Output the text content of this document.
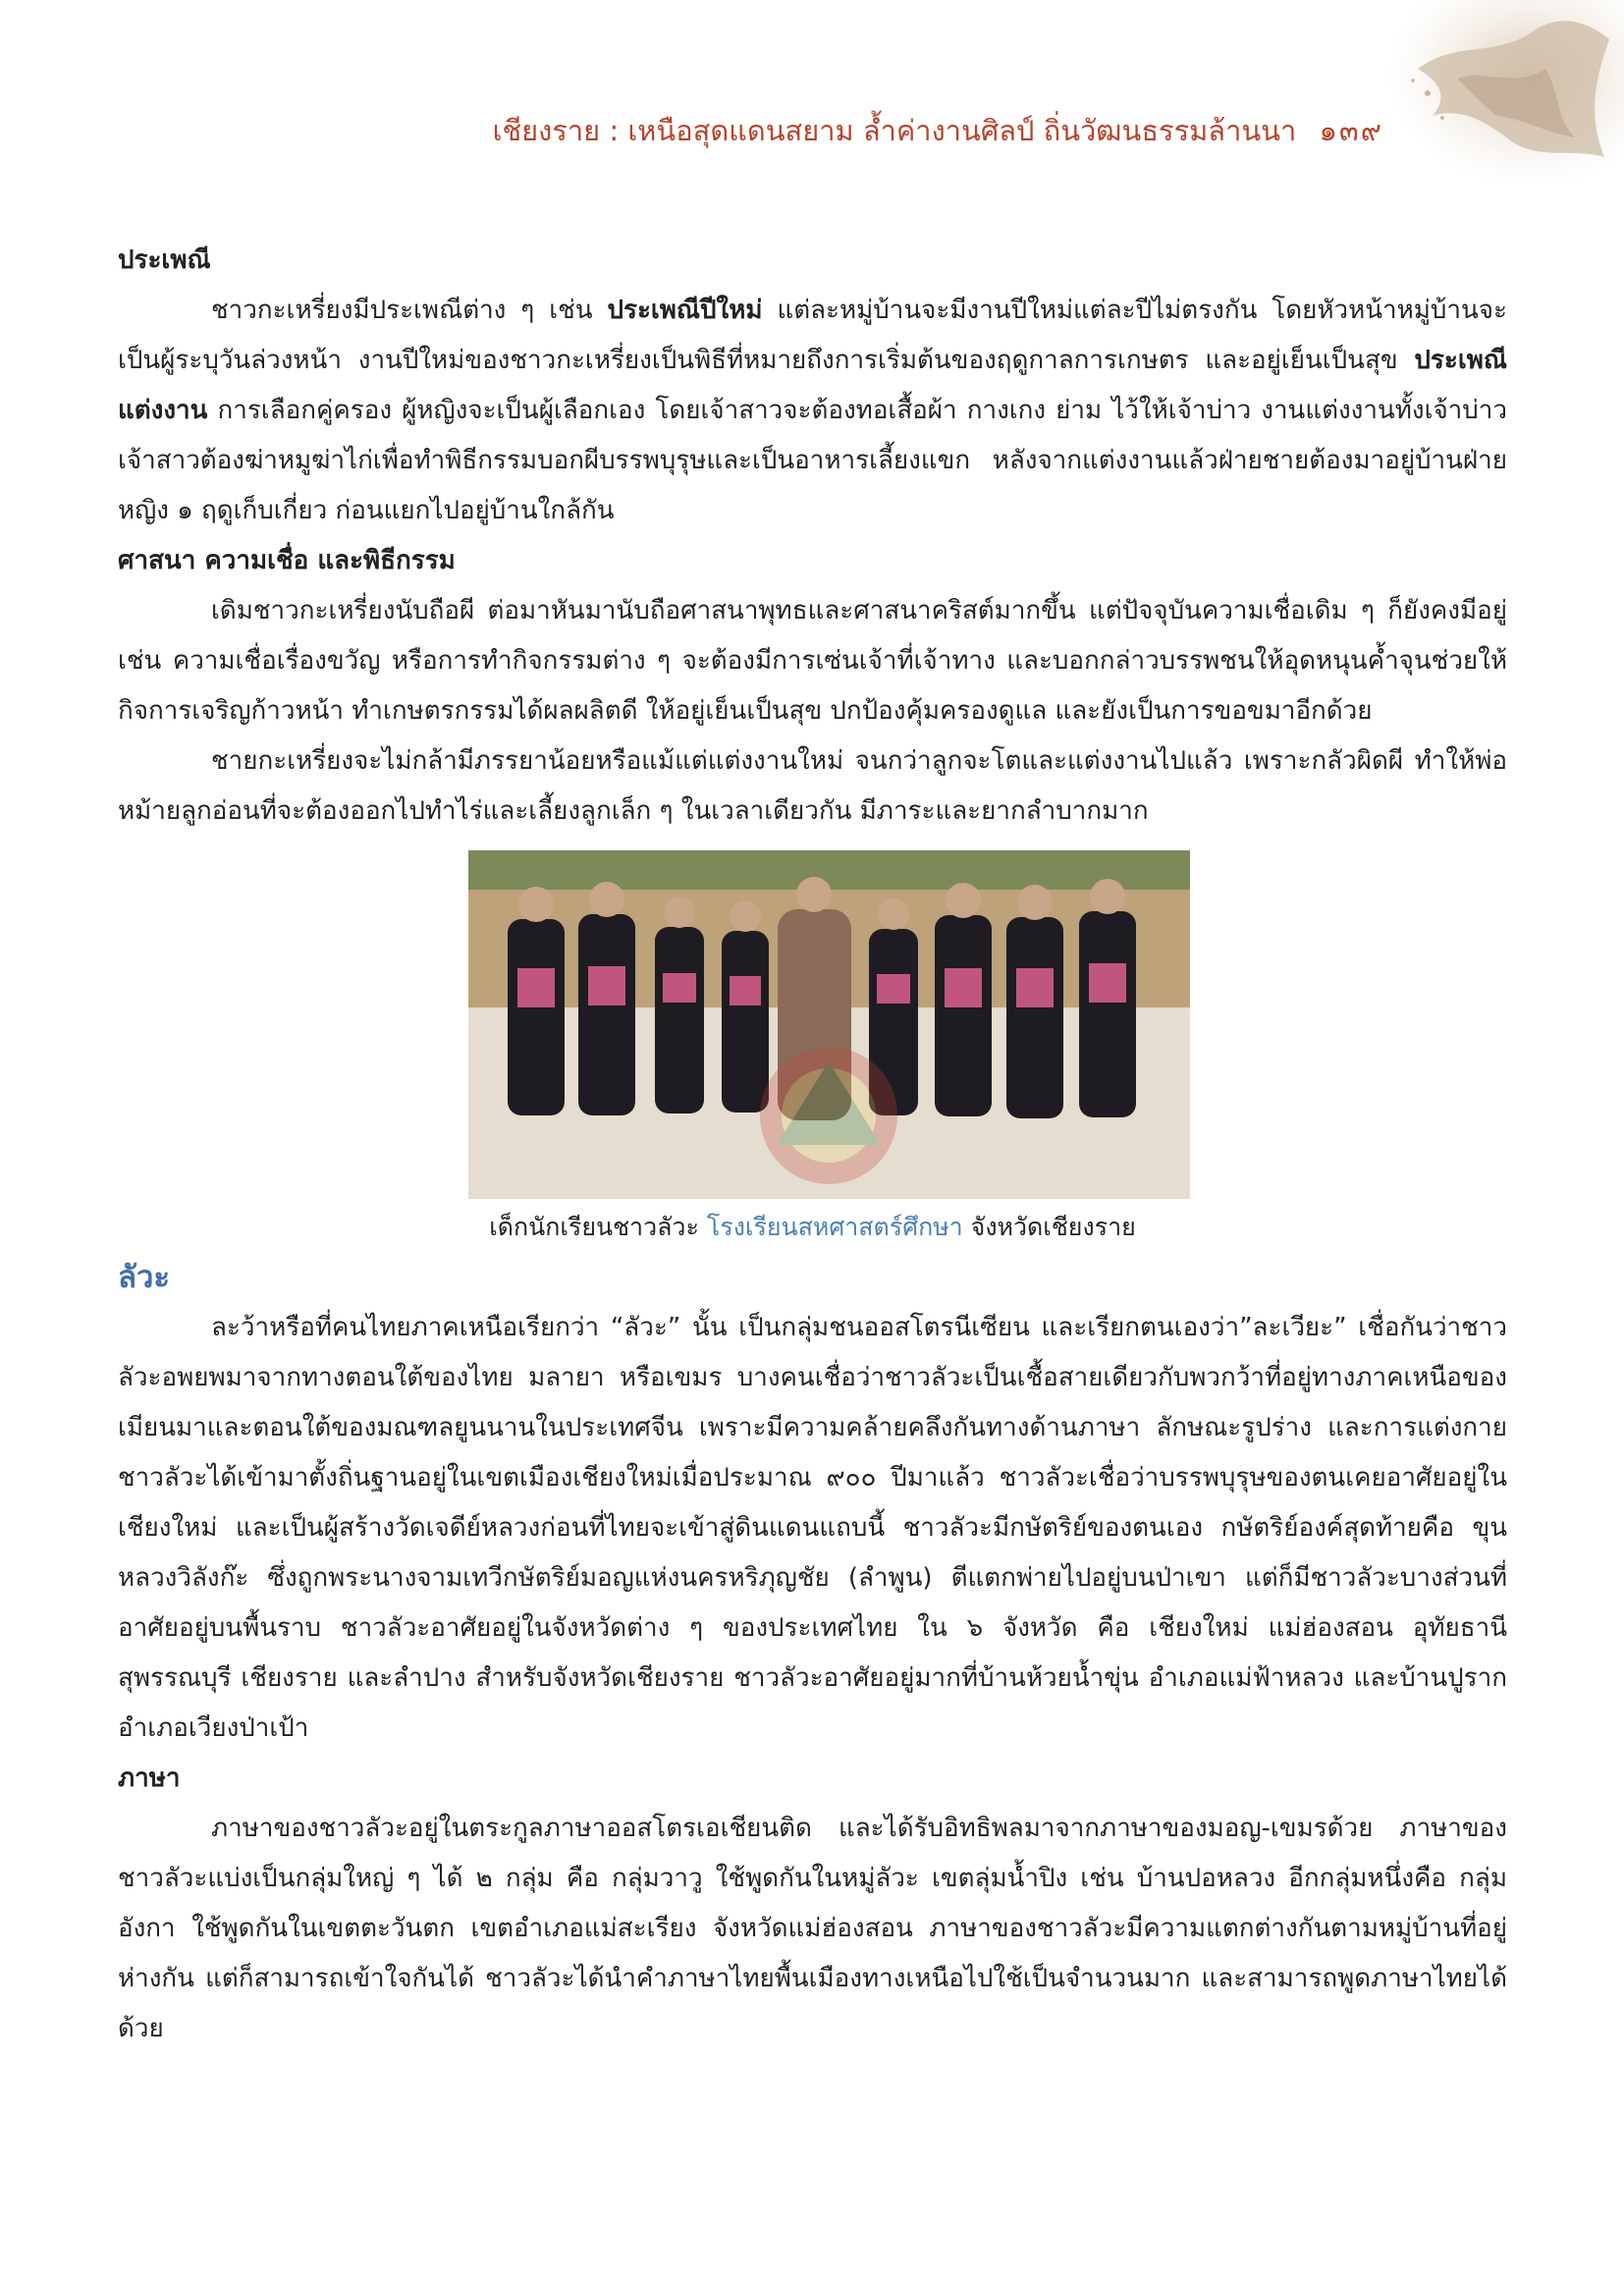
เชียงราย : เหนือสุดแดนสยาม ล้ำค่างานศิลป์ ถิ่นวัฒนธรรมล้านนา ๑๓๙

ประเพณี

ชาวกะเหรี่ยงมีประเพณีต่าง ๆ เช่น ประเพณีปีใหม่ แต่ละหมู่บ้านจะมีงานปีใหม่แต่ละปีไม่ตรงกัน โดยหัวหน้าหมู่บ้านจะเป็นผู้ระบุวันล่วงหน้า งานปีใหม่ของชาวกะเหรี่ยงเป็นพิธีที่หมายถึงการเริ่มต้นของฤดูกาลการเกษตร และอยู่เย็นเป็นสุข ประเพณีแต่งงาน การเลือกคู่ครอง ผู้หญิงจะเป็นผู้เลือกเอง โดยเจ้าสาวจะต้องทอเสื้อผ้า กางเกง ย่าม ไว้ให้เจ้าบ่าว งานแต่งงานทั้งเจ้าบ่าวเจ้าสาวต้องฆ่าหมูฆ่าไก่เพื่อทำพิธีกรรมบอกผีบรรพบุรุษและเป็นอาหารเลี้ยงแขก หลังจากแต่งงานแล้วฝ่ายชายต้องมาอยู่บ้านฝ่ายหญิง ๑ ฤดูเก็บเกี่ยว ก่อนแยกไปอยู่บ้านใกล้กัน

ศาสนา ความเชื่อ และพิธีกรรม

เดิมชาวกะเหรี่ยงนับถือผี ต่อมาหันมานับถือศาสนาพุทธและศาสนาคริสต์มากขึ้น แต่ปัจจุบันความเชื่อเดิม ๆ ก็ยังคงมีอยู่ เช่น ความเชื่อเรื่องขวัญ หรือการทำกิจกรรมต่าง ๆ จะต้องมีการเซ่นเจ้าที่เจ้าทาง และบอกกล่าวบรรพชนให้อุดหนุนค้ำจุนช่วยให้กิจการเจริญก้าวหน้า ทำเกษตรกรรมได้ผลผลิตดี ให้อยู่เย็นเป็นสุข ปกป้องคุ้มครองดูแล และยังเป็นการขอขมาอีกด้วย

ชายกะเหรี่ยงจะไม่กล้ามีภรรยาน้อยหรือแม้แต่แต่งงานใหม่ จนกว่าลูกจะโตและแต่งงานไปแล้ว เพราะกลัวผิดผี ทำให้พ่อหม้ายลูกอ่อนที่จะต้องออกไปทำไร่และเลี้ยงลูกเล็ก ๆ ในเวลาเดียวกัน มีภาระและยากลำบากมาก

เด็กนักเรียนชาวลัวะ โรงเรียนสหศาสตร์ศึกษา จังหวัดเชียงราย

ลัวะ

ละว้าหรือที่คนไทยภาคเหนือเรียกว่า “ลัวะ” นั้น เป็นกลุ่มชนออสโตรนีเซียน และเรียกตนเองว่า”ละเวียะ” เชื่อกันว่าชาวลัวะอพยพมาจากทางตอนใต้ของไทย มลายา หรือเขมร บางคนเชื่อว่าชาวลัวะเป็นเชื้อสายเดียวกับพวกว้าที่อยู่ทางภาคเหนือของเมียนมาและตอนใต้ของมณฑลยูนนานในประเทศจีน เพราะมีความคล้ายคลึงกันทางด้านภาษา ลักษณะรูปร่าง และการแต่งกาย ชาวลัวะได้เข้ามาตั้งถิ่นฐานอยู่ในเขตเมืองเชียงใหม่เมื่อประมาณ ๙๐๐ ปีมาแล้ว ชาวลัวะเชื่อว่าบรรพบุรุษของตนเคยอาศัยอยู่ในเชียงใหม่ และเป็นผู้สร้างวัดเจดีย์หลวงก่อนที่ไทยจะเข้าสู่ดินแดนแถบนี้ ชาวลัวะมีกษัตริย์ของตนเอง กษัตริย์องค์สุดท้ายคือ ขุนหลวงวิลังก๊ะ ซึ่งถูกพระนางจามเทวีกษัตริย์มอญแห่งนครหริภุญชัย (ลำพูน) ตีแตกพ่ายไปอยู่บนป่าเขา แต่ก็มีชาวลัวะบางส่วนที่อาศัยอยู่บนพื้นราบ ชาวลัวะอาศัยอยู่ในจังหวัดต่าง ๆ ของประเทศไทย ใน ๖ จังหวัด คือ เชียงใหม่ แม่ฮ่องสอน อุทัยธานี สุพรรณบุรี เชียงราย และลำปาง สำหรับจังหวัดเชียงราย ชาวลัวะอาศัยอยู่มากที่บ้านห้วยน้ำขุ่น อำเภอแม่ฟ้าหลวง และบ้านปูราก อำเภอเวียงป่าเป้า

ภาษา

ภาษาของชาวลัวะอยู่ในตระกูลภาษาออสโตรเอเชียนติด และได้รับอิทธิพลมาจากภาษาของมอญ-เขมรด้วย ภาษาของชาวลัวะแบ่งเป็นกลุ่มใหญ่ ๆ ได้ ๒ กลุ่ม คือ กลุ่มวาวู ใช้พูดกันในหมู่ลัวะ เขตลุ่มน้ำปิง เช่น บ้านปอหลวง อีกกลุ่มหนึ่งคือ กลุ่มอังกา ใช้พูดกันในเขตตะวันตก เขตอำเภอแม่สะเรียง จังหวัดแม่ฮ่องสอน ภาษาของชาวลัวะมีความแตกต่างกันตามหมู่บ้านที่อยู่ห่างกัน แต่ก็สามารถเข้าใจกันได้ ชาวลัวะได้นำคำภาษาไทยพื้นเมืองทางเหนือไปใช้เป็นจำนวนมาก และสามารถพูดภาษาไทยได้ด้วย
